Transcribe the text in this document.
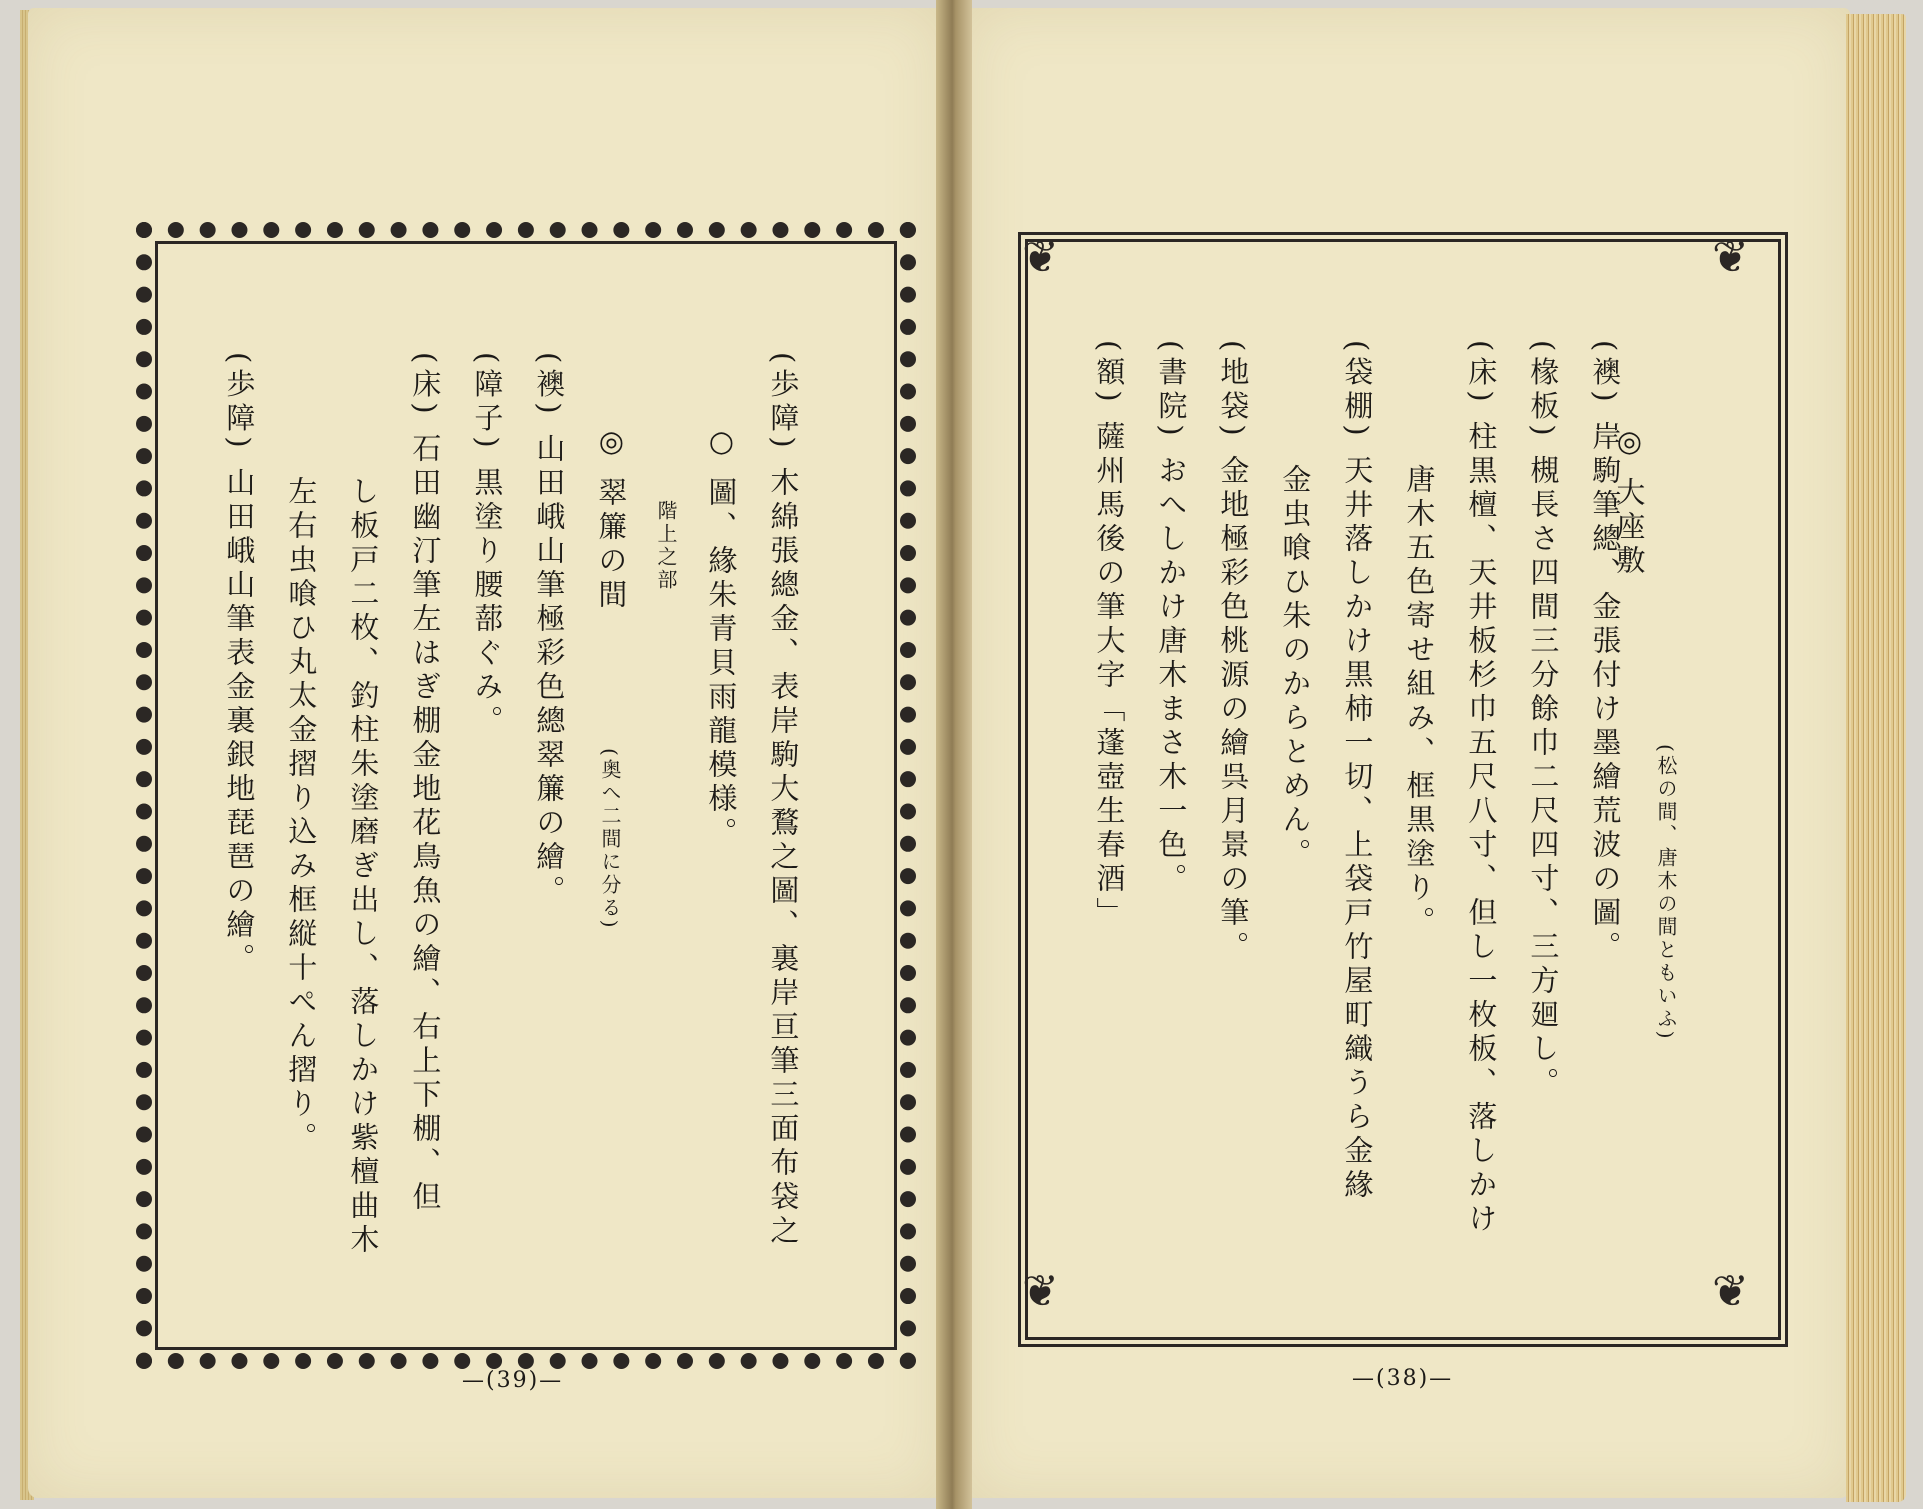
(歩障) 木綿張總金、表岸駒大鶩之圖、裏岸亘筆三面布袋之
○ 圖、緣朱青貝雨龍模様。
階上之部
◎ 翠簾の間
(奥へ二間に分る)
(襖) 山田峨山筆極彩色總翠簾の繪。
(障子) 黒塗り腰蔀ぐみ。
(床) 石田幽汀筆左はぎ棚金地花鳥魚の繪、右上下棚、但
し板戸二枚、釣柱朱塗磨ぎ出し、落しかけ紫檀曲木
左右虫喰ひ丸太金摺り込み框縦十ぺん摺り。
(歩障) 山田峨山筆表金裏銀地琵琶の繪。
—(39)—
❦	❦
❦	❦
◎ 大座敷
(松の間、唐木の間ともいふ)
(襖) 岸駒筆總、金張付け墨繪荒波の圖。
(椽板) 槻長さ四間三分餘巾二尺四寸、三方廻し。
(床) 柱黒檀、天井板杉巾五尺八寸、但し一枚板、落しかけ
唐木五色寄せ組み、框黒塗り。
(袋棚) 天井落しかけ黒柿一切、上袋戸竹屋町織うら金緣
金虫喰ひ朱のからとめん。
(地袋) 金地極彩色桃源の繪呉月景の筆。
(書院) おへしかけ唐木まさ木一色。
(額) 薩州馬後の筆大字「蓬壺生春酒」
—(38)—
